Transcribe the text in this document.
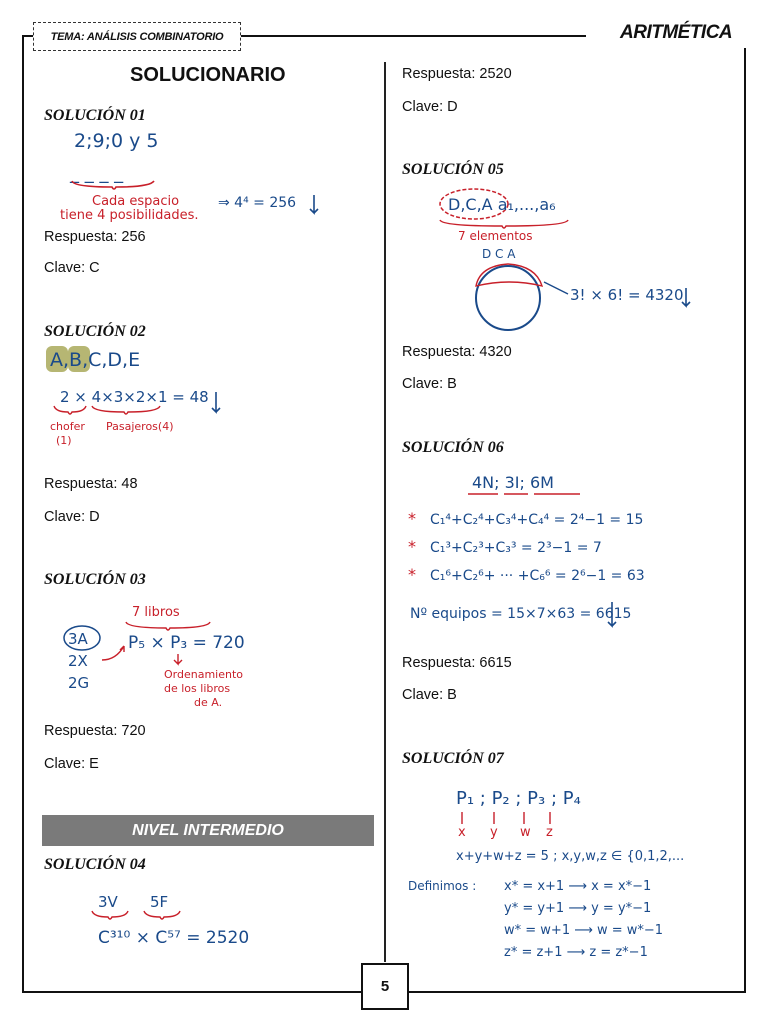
TEMA: ANÁLISIS COMBINATORIO	ARITMÉTICA
SOLUCIONARIO
SOLUCIÓN 01
2;9;0 y 5
_ _ _ _
Cada espacio
tiene 4 posibilidades.
⇒ 4⁴ = 256
Respuesta: 256
Clave: C
SOLUCIÓN 02
A,B,C,D,E
2 × 4×3×2×1 = 48
chofer
(1)
Pasajeros(4)
Respuesta: 48
Clave: D
SOLUCIÓN 03
7 libros
3A
2X
2G
P₅ × P₃ = 720
Ordenamiento
de los libros
de A.
Respuesta: 720
Clave: E
NIVEL INTERMEDIO
SOLUCIÓN 04
3V 5F
C³¹⁰ × C⁵⁷ = 2520
Respuesta: 2520
Clave: D
SOLUCIÓN 05
D,C,A a₁,...,a₆
7 elementos
D C A
3! × 6! = 4320
Respuesta: 4320
Clave: B
SOLUCIÓN 06
4N; 3I; 6M
* C₁⁴+C₂⁴+C₃⁴+C₄⁴ = 2⁴−1 = 15
* C₁³+C₂³+C₃³ = 2³−1 = 7
* C₁⁶+C₂⁶+ ··· +C₆⁶ = 2⁶−1 = 63
Nº equipos = 15×7×63 = 6615
Respuesta: 6615
Clave: B
SOLUCIÓN 07
P₁ ; P₂ ; P₃ ; P₄
x y w z
x+y+w+z = 5 ; x,y,w,z ∈ {0,1,2,...
Definimos : x* = x+1 ⟶ x = x*−1
y* = y+1 ⟶ y = y*−1
w* = w+1 ⟶ w = w*−1
z* = z+1 ⟶ z = z*−1
5
